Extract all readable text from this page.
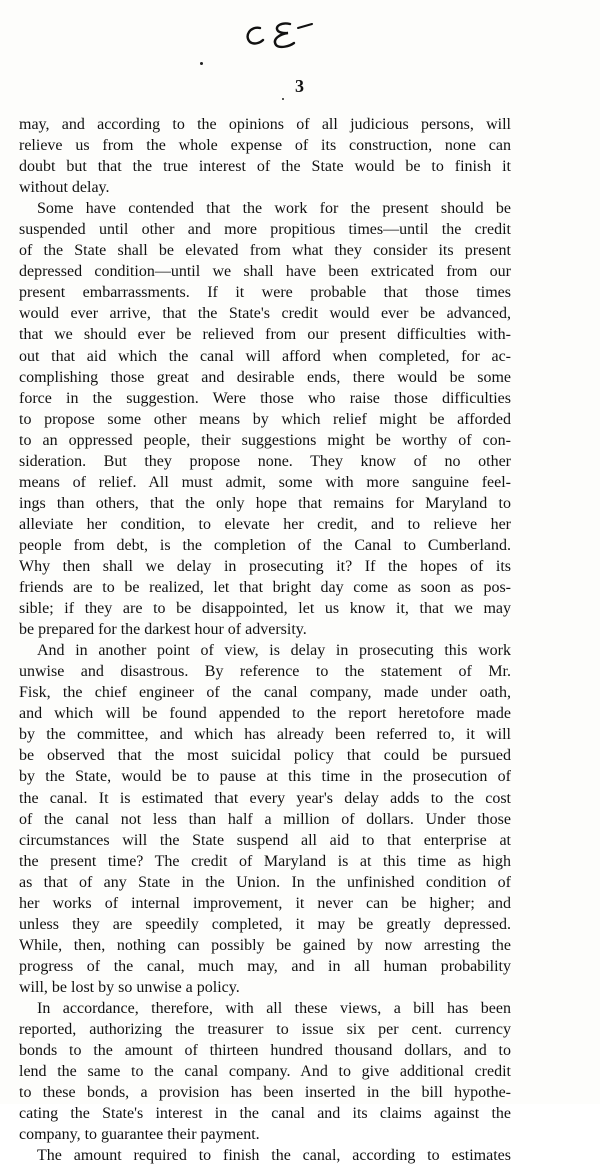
3
may, and according to the opinions of all judicious persons, will
relieve us from the whole expense of its construction, none can
doubt but that the true interest of the State would be to finish it
without delay.
Some have contended that the work for the present should be
suspended until other and more propitious times—until the credit
of the State shall be elevated from what they consider its present
depressed condition—until we shall have been extricated from our
present embarrassments. If it were probable that those times
would ever arrive, that the State's credit would ever be advanced,
that we should ever be relieved from our present difficulties with-
out that aid which the canal will afford when completed, for ac-
complishing those great and desirable ends, there would be some
force in the suggestion. Were those who raise those difficulties
to propose some other means by which relief might be afforded
to an oppressed people, their suggestions might be worthy of con-
sideration. But they propose none. They know of no other
means of relief. All must admit, some with more sanguine feel-
ings than others, that the only hope that remains for Maryland to
alleviate her condition, to elevate her credit, and to relieve her
people from debt, is the completion of the Canal to Cumberland.
Why then shall we delay in prosecuting it? If the hopes of its
friends are to be realized, let that bright day come as soon as pos-
sible; if they are to be disappointed, let us know it, that we may
be prepared for the darkest hour of adversity.
And in another point of view, is delay in prosecuting this work
unwise and disastrous. By reference to the statement of Mr.
Fisk, the chief engineer of the canal company, made under oath,
and which will be found appended to the report heretofore made
by the committee, and which has already been referred to, it will
be observed that the most suicidal policy that could be pursued
by the State, would be to pause at this time in the prosecution of
the canal. It is estimated that every year's delay adds to the cost
of the canal not less than half a million of dollars. Under those
circumstances will the State suspend all aid to that enterprise at
the present time? The credit of Maryland is at this time as high
as that of any State in the Union. In the unfinished condition of
her works of internal improvement, it never can be higher; and
unless they are speedily completed, it may be greatly depressed.
While, then, nothing can possibly be gained by now arresting the
progress of the canal, much may, and in all human probability
will, be lost by so unwise a policy.
In accordance, therefore, with all these views, a bill has been
reported, authorizing the treasurer to issue six per cent. currency
bonds to the amount of thirteen hundred thousand dollars, and to
lend the same to the canal company. And to give additional credit
to these bonds, a provision has been inserted in the bill hypothe-
cating the State's interest in the canal and its claims against the
company, to guarantee their payment.
The amount required to finish the canal, according to estimates
